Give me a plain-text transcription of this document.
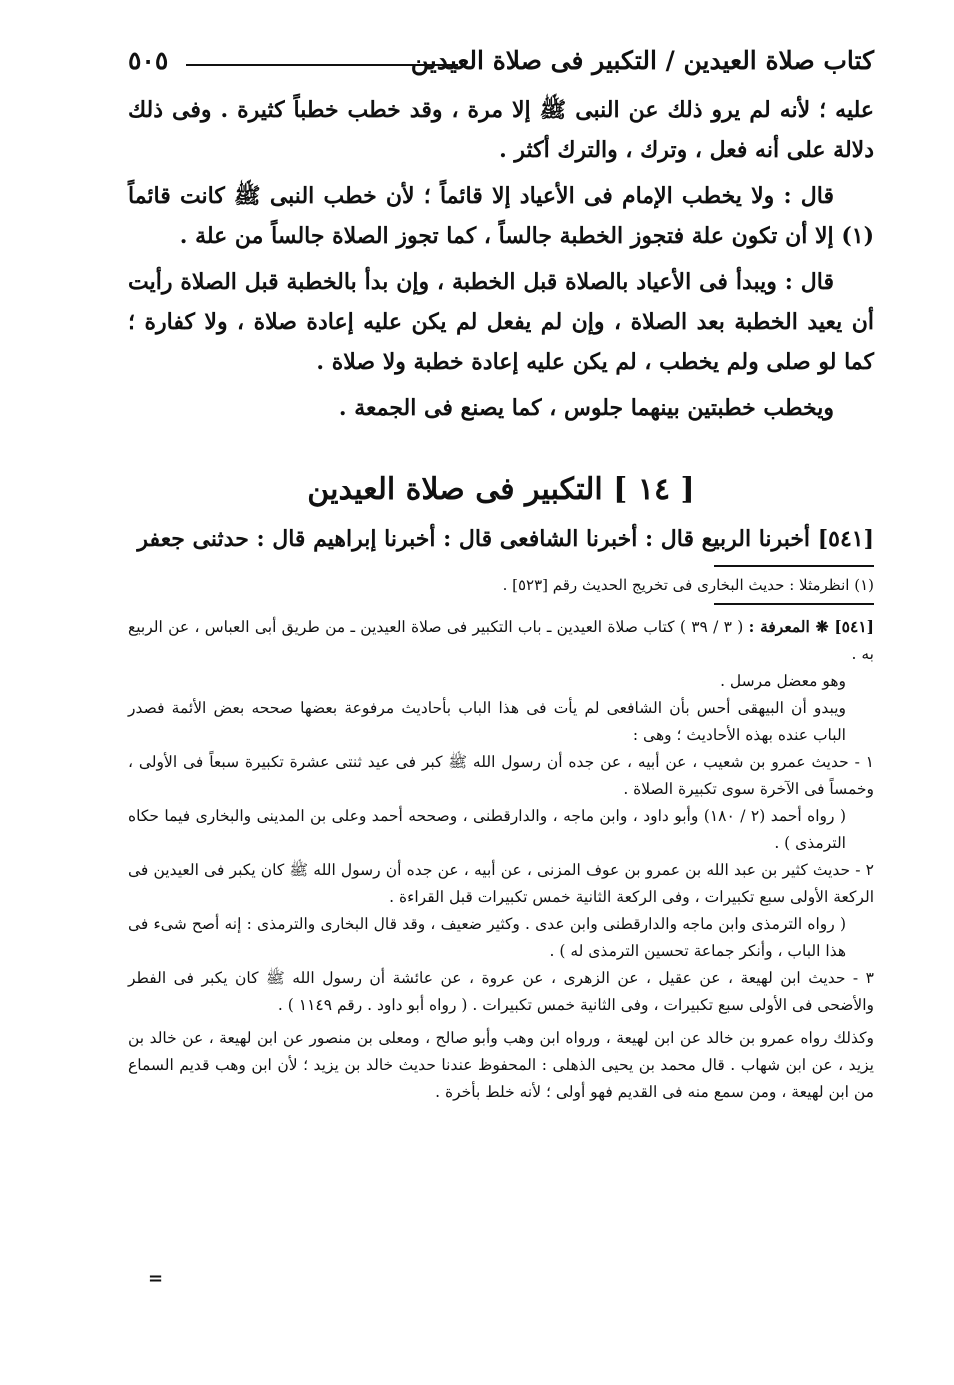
كتاب صلاة العيدين / التكبير فى صلاة العيدين
٥٠٥

عليه ؛ لأنه لم يرو ذلك عن النبى ﷺ إلا مرة ، وقد خطب خطباً كثيرة . وفى ذلك دلالة على أنه فعل ، وترك ، والترك أكثر .

قال : ولا يخطب الإمام فى الأعياد إلا قائماً ؛ لأن خطب النبى ﷺ كانت قائماً (١) إلا أن تكون علة فتجوز الخطبة جالساً ، كما تجوز الصلاة جالساً من علة .

قال : ويبدأ فى الأعياد بالصلاة قبل الخطبة ، وإن بدأ بالخطبة قبل الصلاة رأيت أن يعيد الخطبة بعد الصلاة ، وإن لم يفعل لم يكن عليه إعادة صلاة ، ولا كفارة ؛ كما لو صلى ولم يخطب ، لم يكن عليه إعادة خطبة ولا صلاة .

ويخطب خطبتين بينهما جلوس ، كما يصنع فى الجمعة .

[ ١٤ ] التكبير فى صلاة العيدين

[٥٤١] أخبرنا الربيع قال : أخبرنا الشافعى قال : أخبرنا إبراهيم قال : حدثنى جعفر

(١) انظرمثلا : حديث البخارى فى تخريج الحديث رقم [٥٢٣] .

[٥٤١] ❋ المعرفة : ( ٣ / ٣٩ ) كتاب صلاة العيدين ـ باب التكبير فى صلاة العيدين ـ من طريق أبى العباس ، عن الربيع به .

وهو معضل مرسل .

ويبدو أن البيهقى أحس بأن الشافعى لم يأت فى هذا الباب بأحاديث مرفوعة بعضها صححه بعض الأئمة فصدر الباب عنده بهذه الأحاديث ؛ وهى :

١ - حديث عمرو بن شعيب ، عن أبيه ، عن جده أن رسول الله ﷺ كبر فى عيد ثنتى عشرة تكبيرة سبعاً فى الأولى ، وخمساً فى الآخرة سوى تكبيرة الصلاة .

( رواه أحمد (٢ / ١٨٠) وأبو داود ، وابن ماجه ، والدارقطنى ، وصححه أحمد وعلى بن المدينى والبخارى فيما حكاه الترمذى ) .

٢ - حديث كثير بن عبد الله بن عمرو بن عوف المزنى ، عن أبيه ، عن جده أن رسول الله ﷺ كان يكبر فى العيدين فى الركعة الأولى سبع تكبيرات ، وفى الركعة الثانية خمس تكبيرات قبل القراءة .

( رواه الترمذى وابن ماجه والدارقطنى وابن عدى . وكثير ضعيف ، وقد قال البخارى والترمذى : إنه أصح شىء فى هذا الباب ، وأنكر جماعة تحسين الترمذى له ) .

٣ - حديث ابن لهيعة ، عن عقيل ، عن الزهرى ، عن عروة ، عن عائشة أن رسول الله ﷺ كان يكبر فى الفطر والأضحى فى الأولى سبع تكبيرات ، وفى الثانية خمس تكبيرات . ( رواه أبو داود . رقم ١١٤٩ ) .

وكذلك رواه عمرو بن خالد عن ابن لهيعة ، ورواه ابن وهب وأبو صالح ، ومعلى بن منصور عن ابن لهيعة ، عن خالد بن يزيد ، عن ابن شهاب . قال محمد بن يحيى الذهلى : المحفوظ عندنا حديث خالد بن يزيد ؛ لأن ابن وهب قديم السماع من ابن لهيعة ، ومن سمع منه فى القديم فهو أولى ؛ لأنه خلط بأخرة .

=
